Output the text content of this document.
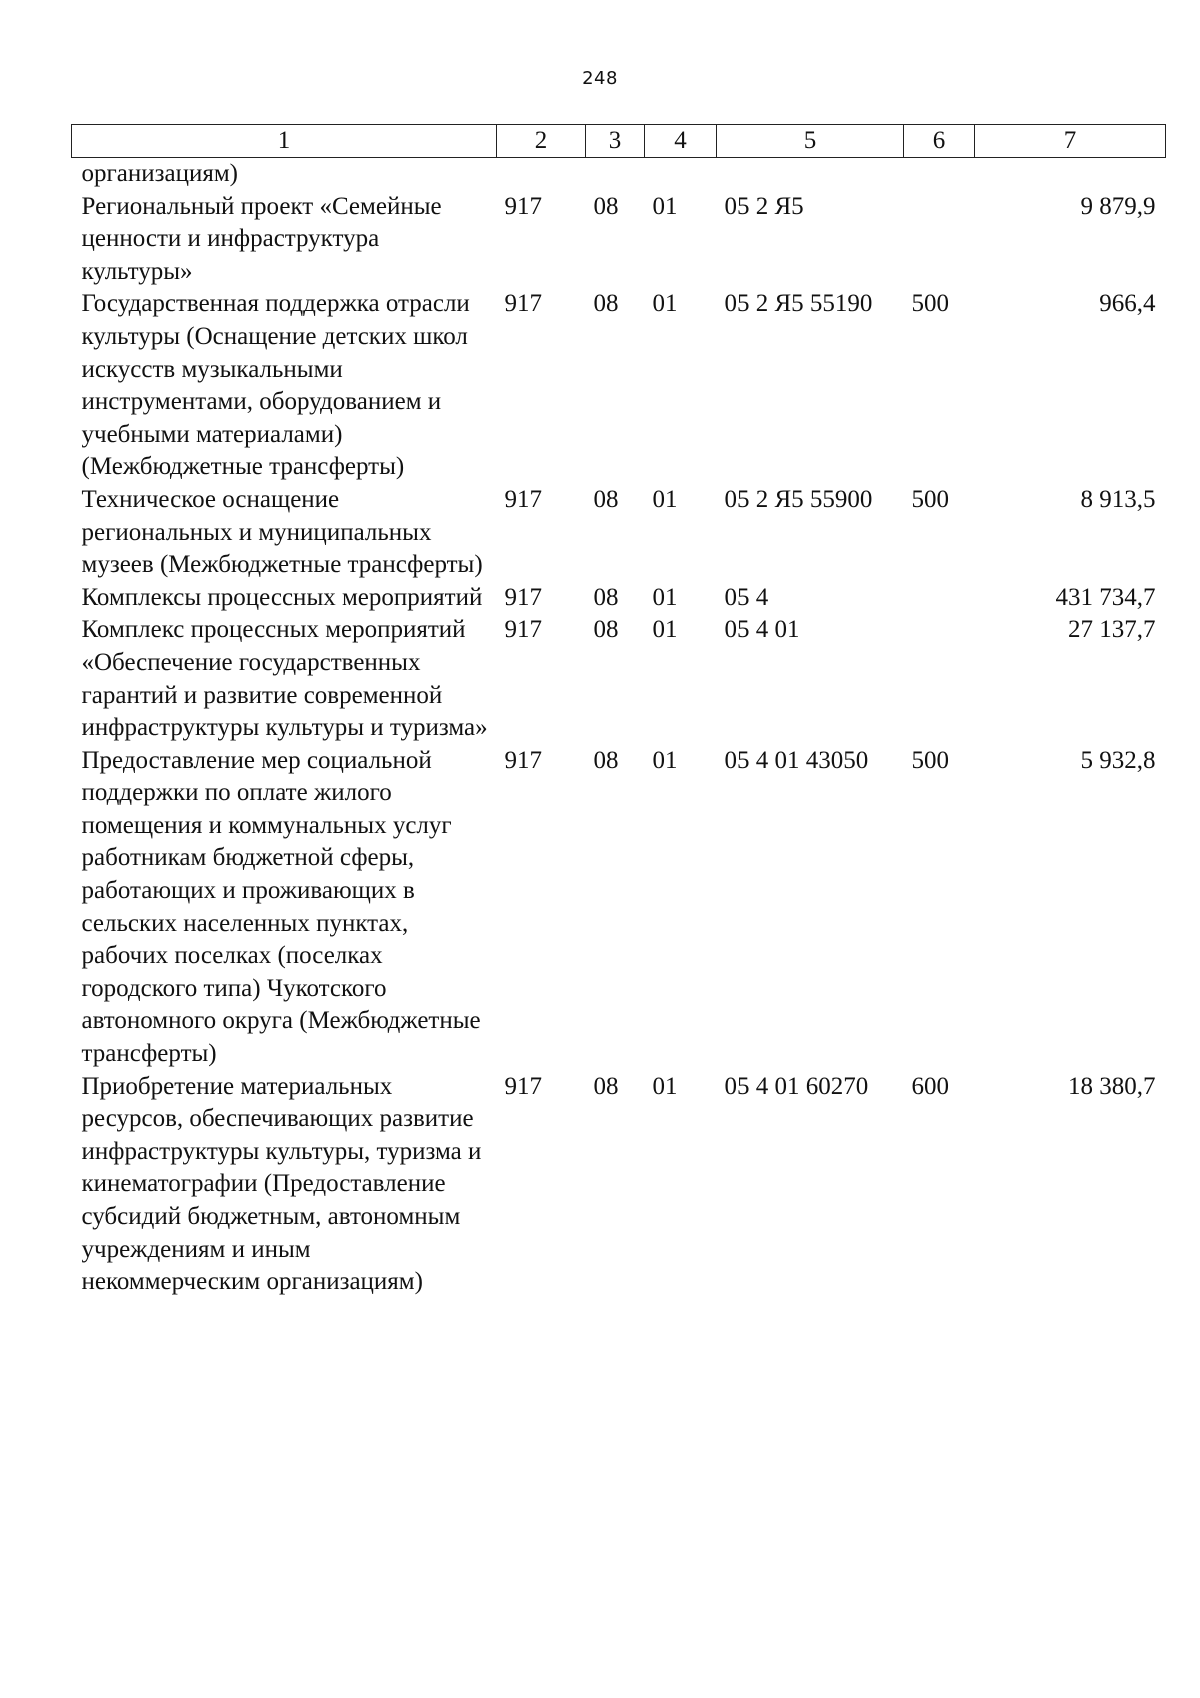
248
1	2	3	4	5	6	7
организациям)						
Региональный проект «Семейные ценности и инфраструктура культуры»	917	08	01	05 2 Я5		9 879,9
Государственная поддержка отрасли культуры (Оснащение детских школ искусств музыкальными инструментами, оборудованием и учебными материалами) (Межбюджетные трансферты)	917	08	01	05 2 Я5 55190	500	966,4
Техническое оснащение региональных и муниципальных музеев (Межбюджетные трансферты)	917	08	01	05 2 Я5 55900	500	8 913,5
Комплексы процессных мероприятий	917	08	01	05 4		431 734,7
Комплекс процессных мероприятий «Обеспечение государственных гарантий и развитие современной инфраструктуры культуры и туризма»	917	08	01	05 4 01		27 137,7
Предоставление мер социальной поддержки по оплате жилого помещения и коммунальных услуг работникам бюджетной сферы, работающих и проживающих в сельских населенных пунктах, рабочих поселках (поселках городского типа) Чукотского автономного округа (Межбюджетные трансферты)	917	08	01	05 4 01 43050	500	5 932,8
Приобретение материальных ресурсов, обеспечивающих развитие инфраструктуры культуры, туризма и кинематографии (Предоставление субсидий бюджетным, автономным учреждениям и иным некоммерческим организациям)	917	08	01	05 4 01 60270	600	18 380,7
